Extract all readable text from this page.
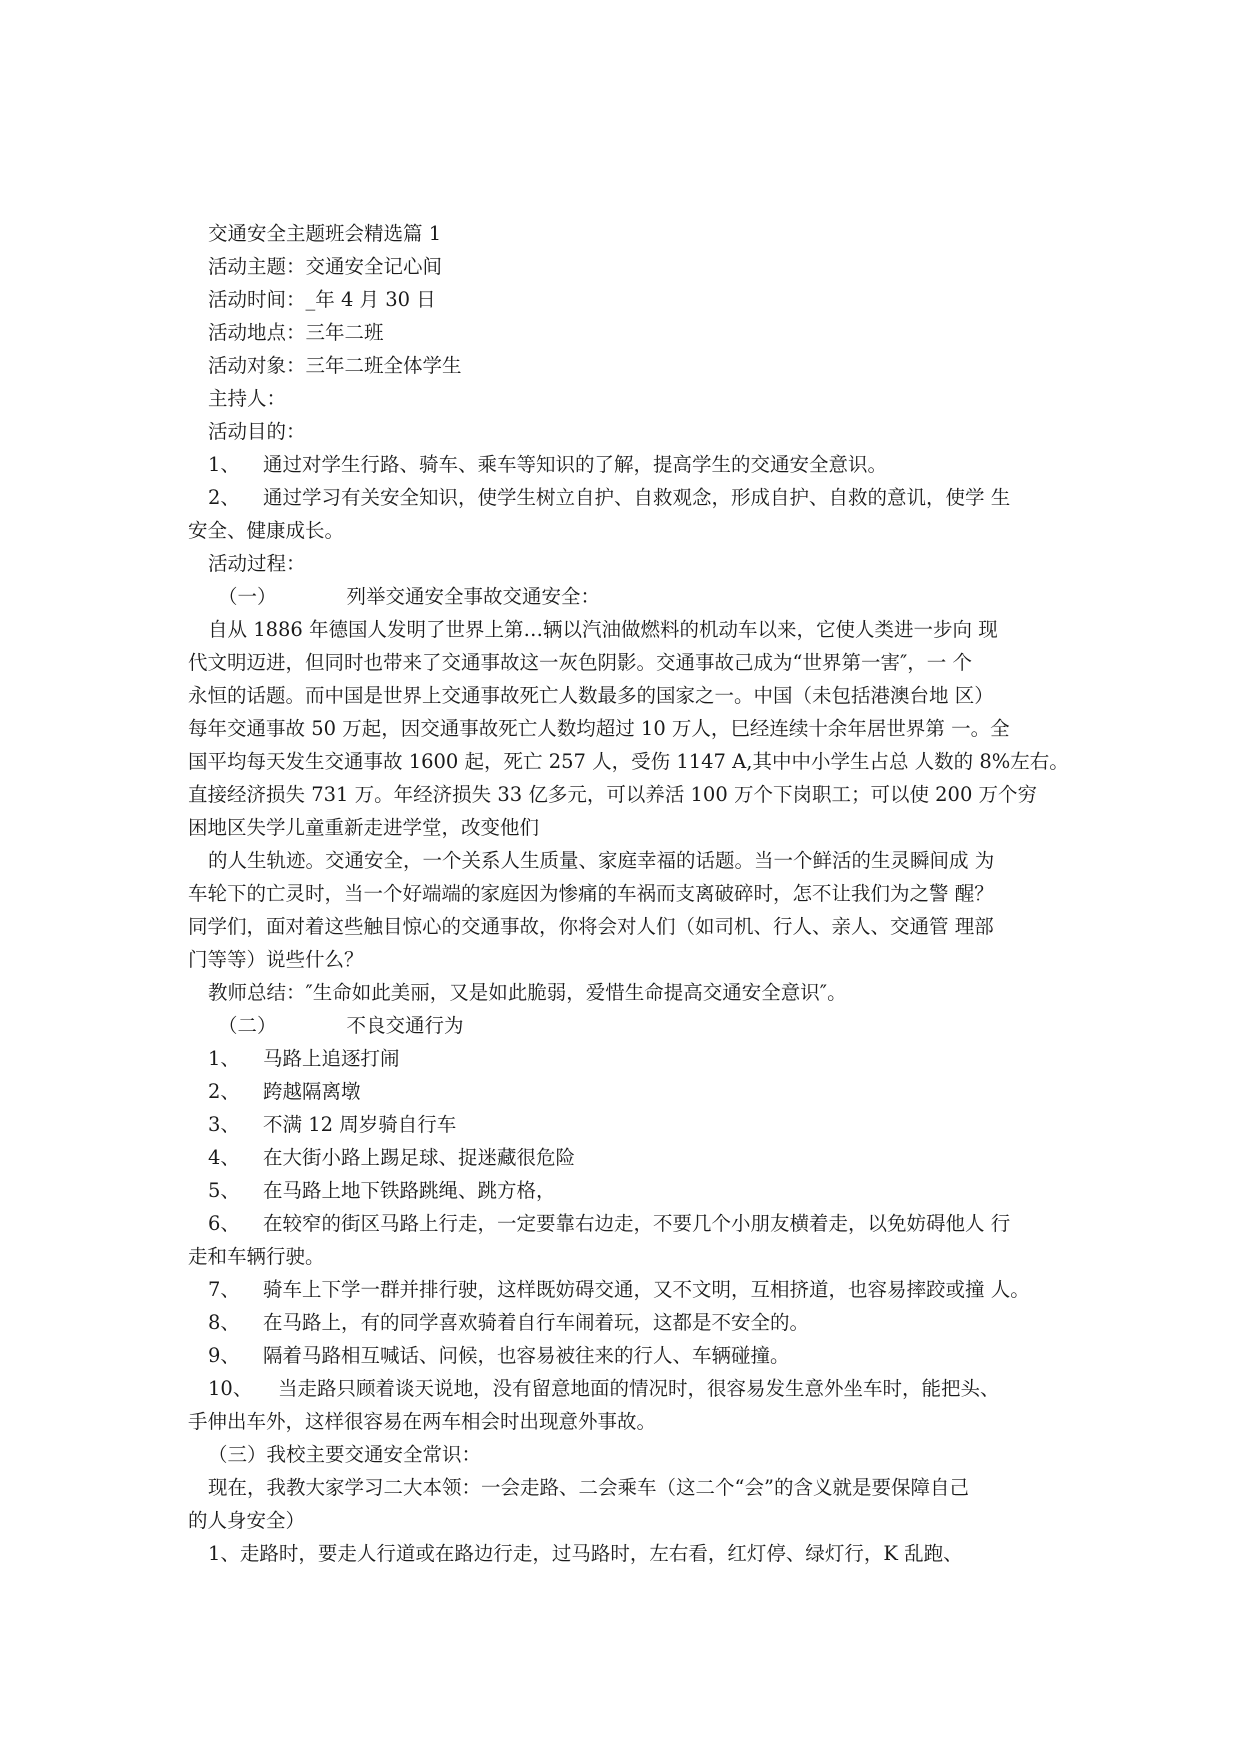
交通安全主题班会精选篇 1
活动主题：交通安全记心间
活动时间：_年 4 月 30 日
活动地点：三年二班
活动对象：三年二班全体学生
主持人：
活动目的：
1、 通过对学生行路、骑车、乘车等知识的了解，提高学生的交通安全意识。
2、 通过学习有关安全知识，使学生树立自护、自救观念，形成自护、自救的意讥，使学 生
安全、健康成长。
活动过程：
（一）	列举交通安全事故交通安全：
自从 1886 年德国人发明了世界上第…辆以汽油做燃料的机动车以来，它使人类进一步向 现
代文明迈进，但同时也带来了交通事故这一灰色阴影。交通事故己成为“世界第一害″，一 个
永恒的话题。而中国是世界上交通事故死亡人数最多的国家之一。中国（未包括港澳台地 区）
每年交通事故 50 万起，因交通事故死亡人数均超过 10 万人，巳经连续十余年居世界第 一。全
国平均每天发生交通事故 1600 起，死亡 257 人，受伤 1147 A,其中中小学生占总 人数的 8%左右。
直接经济损失 731 万。年经济损失 33 亿多元，可以养活 100 万个下岗职工；可以使 200 万个穷
困地区失学儿童重新走进学堂，改变他们
的人生轨迹。交通安全，一个关系人生质量、家庭幸福的话题。当一个鲜活的生灵瞬间成 为
车轮下的亡灵时，当一个好端端的家庭因为惨痛的车祸而支离破碎时，怎不让我们为之警 醒？
同学们，面对着这些触目惊心的交通事故，你将会对人们（如司机、行人、亲人、交通管 理部
门等等）说些什么？
教师总结：″生命如此美丽，又是如此脆弱，爱惜生命提高交通安全意识″。
（二）	不良交通行为
1、 马路上追逐打闹
2、 跨越隔离墩
3、 不满 12 周岁骑自行车
4、 在大街小路上踢足球、捉迷藏很危险
5、 在马路上地下铁路跳绳、跳方格，
6、 在较窄的街区马路上行走，一定要靠右边走，不要几个小朋友横着走，以免妨碍他人 行
走和车辆行驶。
7、 骑车上下学一群并排行驶，这样既妨碍交通，又不文明，互相挤道，也容易摔跤或撞 人。
8、 在马路上，有的同学喜欢骑着自行车闹着玩，这都是不安全的。
9、 隔着马路相互喊话、问候，也容易被往来的行人、车辆碰撞。
10、 当走路只顾着谈天说地，没有留意地面的情况时，很容易发生意外坐车时，能把头、
手伸出车外，这样很容易在两车相会时出现意外事故。
（三）我校主要交通安全常识：
现在，我教大家学习二大本领：一会走路、二会乘车（这二个“会”的含义就是要保障自己
的人身安全）
1、走路时，要走人行道或在路边行走，过马路时，左右看，红灯停、绿灯行，K 乱跑、
